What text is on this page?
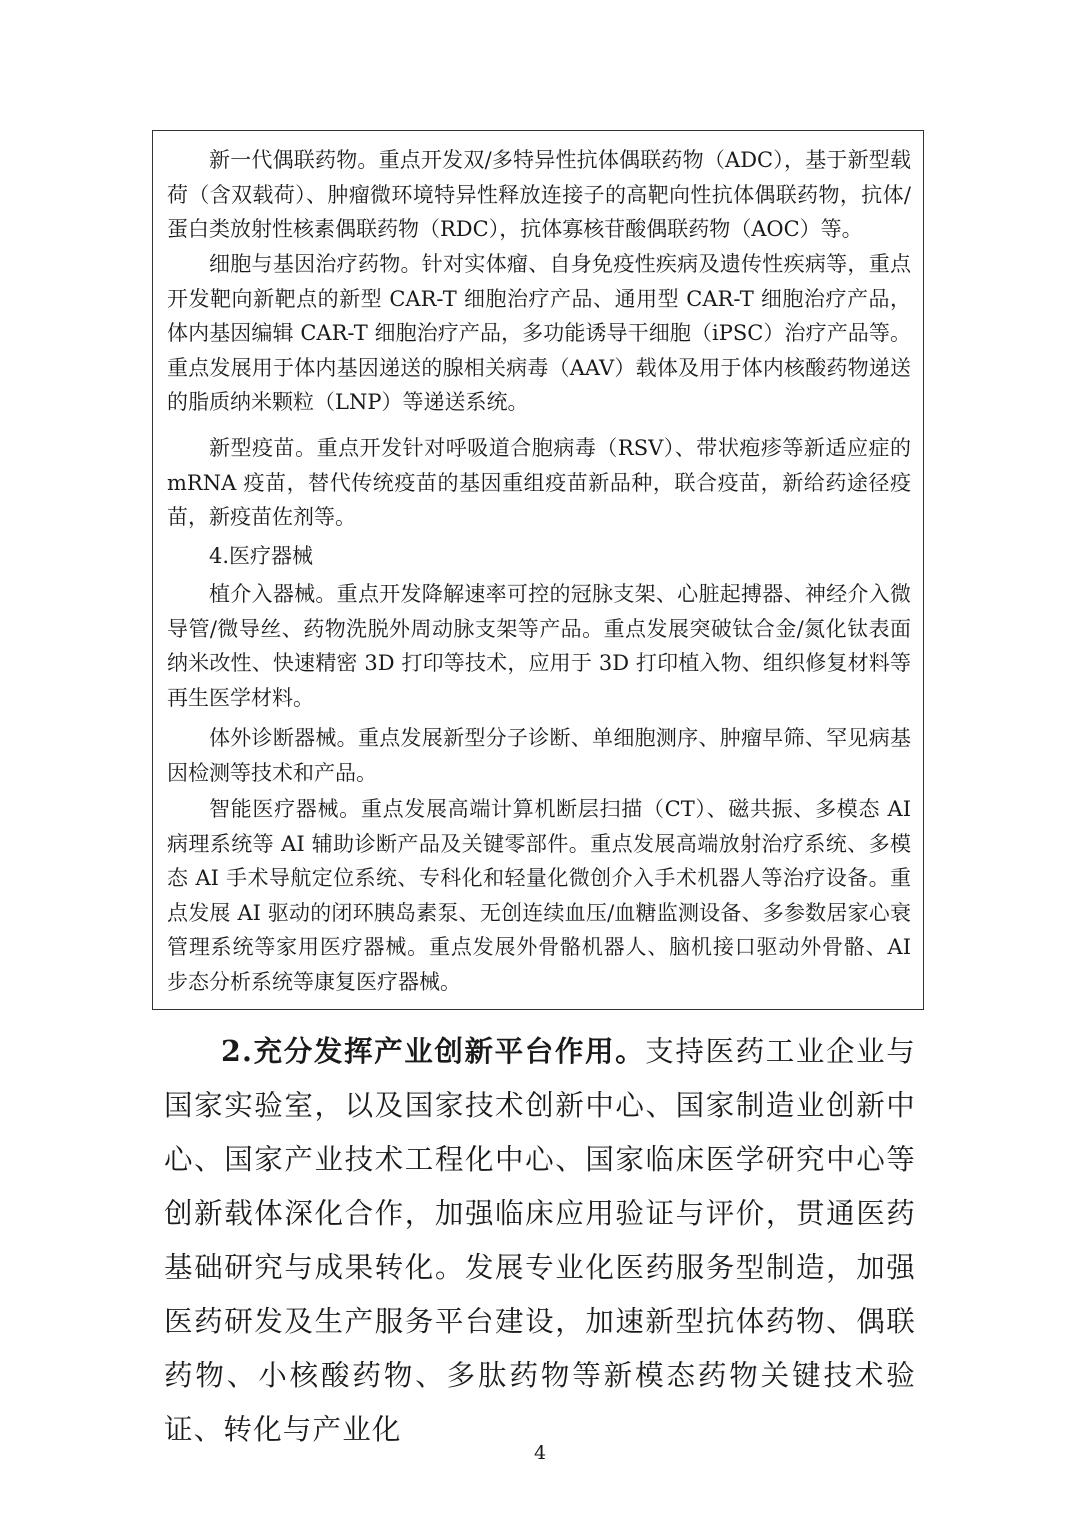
新一代偶联药物。重点开发双/多特异性抗体偶联药物（ADC），基于新型载荷（含双载荷）、肿瘤微环境特异性释放连接子的高靶向性抗体偶联药物，抗体/蛋白类放射性核素偶联药物（RDC），抗体寡核苷酸偶联药物（AOC）等。

细胞与基因治疗药物。针对实体瘤、自身免疫性疾病及遗传性疾病等，重点开发靶向新靶点的新型 CAR-T 细胞治疗产品、通用型 CAR-T 细胞治疗产品，体内基因编辑 CAR-T 细胞治疗产品，多功能诱导干细胞（iPSC）治疗产品等。重点发展用于体内基因递送的腺相关病毒（AAV）载体及用于体内核酸药物递送的脂质纳米颗粒（LNP）等递送系统。

新型疫苗。重点开发针对呼吸道合胞病毒（RSV）、带状疱疹等新适应症的 mRNA 疫苗，替代传统疫苗的基因重组疫苗新品种，联合疫苗，新给药途径疫苗，新疫苗佐剂等。

4.医疗器械

植介入器械。重点开发降解速率可控的冠脉支架、心脏起搏器、神经介入微导管/微导丝、药物洗脱外周动脉支架等产品。重点发展突破钛合金/氮化钛表面纳米改性、快速精密 3D 打印等技术，应用于 3D 打印植入物、组织修复材料等再生医学材料。

体外诊断器械。重点发展新型分子诊断、单细胞测序、肿瘤早筛、罕见病基因检测等技术和产品。

智能医疗器械。重点发展高端计算机断层扫描（CT）、磁共振、多模态 AI 病理系统等 AI 辅助诊断产品及关键零部件。重点发展高端放射治疗系统、多模态 AI 手术导航定位系统、专科化和轻量化微创介入手术机器人等治疗设备。重点发展 AI 驱动的闭环胰岛素泵、无创连续血压/血糖监测设备、多参数居家心衰管理系统等家用医疗器械。重点发展外骨骼机器人、脑机接口驱动外骨骼、AI 步态分析系统等康复医疗器械。

2.充分发挥产业创新平台作用。支持医药工业企业与国家实验室，以及国家技术创新中心、国家制造业创新中心、国家产业技术工程化中心、国家临床医学研究中心等创新载体深化合作，加强临床应用验证与评价，贯通医药基础研究与成果转化。发展专业化医药服务型制造，加强医药研发及生产服务平台建设，加速新型抗体药物、偶联药物、小核酸药物、多肽药物等新模态药物关键技术验证、转化与产业化

4
